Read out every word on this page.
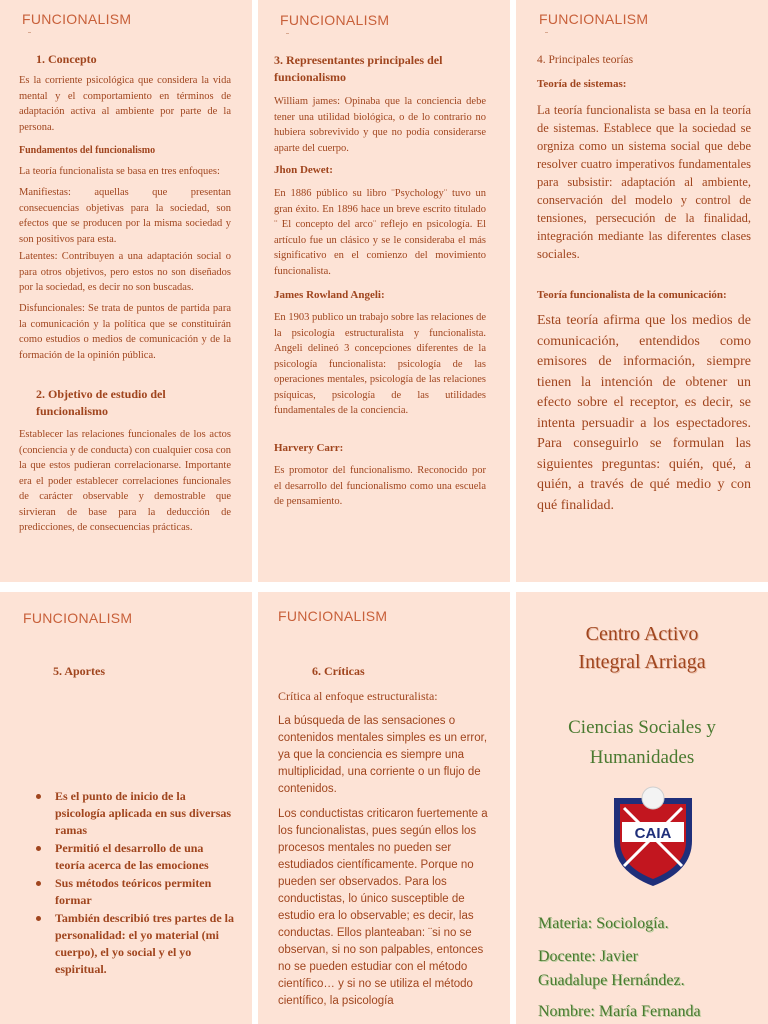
FUNCIONALISM
1. Concepto
Es la corriente psicológica que considera la vida mental y el comportamiento en términos de adaptación activa al ambiente por parte de la persona.
Fundamentos del funcionalismo
La teoría funcionalista se basa en tres enfoques:
Manifiestas: aquellas que presentan consecuencias objetivas para la sociedad, son efectos que se producen por la misma sociedad y son positivos para esta.
Latentes: Contribuyen a una adaptación social o para otros objetivos, pero estos no son diseñados por la sociedad, es decir no son buscadas.
Disfuncionales: Se trata de puntos de partida para la comunicación y la política que se constituirán como estudios o medios de comunicación y de la formación de la opinión pública.
2. Objetivo de estudio del funcionalismo
Establecer las relaciones funcionales de los actos (conciencia y de conducta) con cualquier cosa con la que estos pudieran correlacionarse. Importante era el poder establecer correlaciones funcionales de carácter observable y demostrable que sirvieran de base para la deducción de predicciones, de consecuencias prácticas.
FUNCIONALISM
3. Representantes principales del funcionalismo
William james: Opinaba que la conciencia debe tener una utilidad biológica, o de lo contrario no hubiera sobrevivido y que no podía considerarse aparte del cuerpo.
Jhon Dewet:
En 1886 público su libro ¨Psychology¨ tuvo un gran éxito. En 1896 hace un breve escrito titulado ¨ El concepto del arco¨ reflejo en psicología. El artículo fue un clásico y se le consideraba el más significativo en el comienzo del movimiento funcionalista.
James Rowland Angeli:
En 1903 publico un trabajo sobre las relaciones de la psicología estructuralista y funcionalista. Angeli delineó 3 concepciones diferentes de la psicología funcionalista: psicología de las operaciones mentales, psicología de las relaciones psíquicas, psicología de las utilidades fundamentales de la conciencia.
Harvery Carr:
Es promotor del funcionalismo. Reconocido por el desarrollo del funcionalismo como una escuela de pensamiento.
FUNCIONALISM
4. Principales teorías
Teoría de sistemas:
La teoría funcionalista se basa en la teoría de sistemas. Establece que la sociedad se orgniza como un sistema social que debe resolver cuatro imperativos fundamentales para subsistir: adaptación al ambiente, conservación del modelo y control de tensiones, persecución de la finalidad, integración mediante las diferentes clases sociales.
Teoría funcionalista de la comunicación:
Esta teoría afirma que los medios de comunicación, entendidos como emisores de información, siempre tienen la intención de obtener un efecto sobre el receptor, es decir, se intenta persuadir a los espectadores. Para conseguirlo se formulan las siguientes preguntas: quién, qué, a quién, a través de qué medio y con qué finalidad.
FUNCIONALISM
5. Aportes
Es el punto de inicio de la psicología aplicada en sus diversas ramas
Permitió el desarrollo de una teoría acerca de las emociones
Sus métodos teóricos permiten formar
También describió tres partes de la personalidad: el yo material (mi cuerpo), el yo social y el yo espiritual.
FUNCIONALISM
6. Críticas
Crítica al enfoque estructuralista:
La búsqueda de las sensaciones o contenidos mentales simples es un error, ya que la conciencia es siempre una multiplicidad, una corriente o un flujo de contenidos.
Los conductistas criticaron fuertemente a los funcionalistas, pues según ellos los procesos mentales no pueden ser estudiados científicamente. Porque no pueden ser observados. Para los conductistas, lo único susceptible de estudio era lo observable; es decir, las conductas. Ellos planteaban: ¨si no se observan, si no son palpables, entonces no se pueden estudiar con el método científico… y si no se utiliza el método científico, la psicología
Centro Activo
Integral Arriaga
Ciencias Sociales y
Humanidades
CAIA
Materia: Sociología.
Docente: Javier
Guadalupe Hernández.
Nombre: María Fernanda
